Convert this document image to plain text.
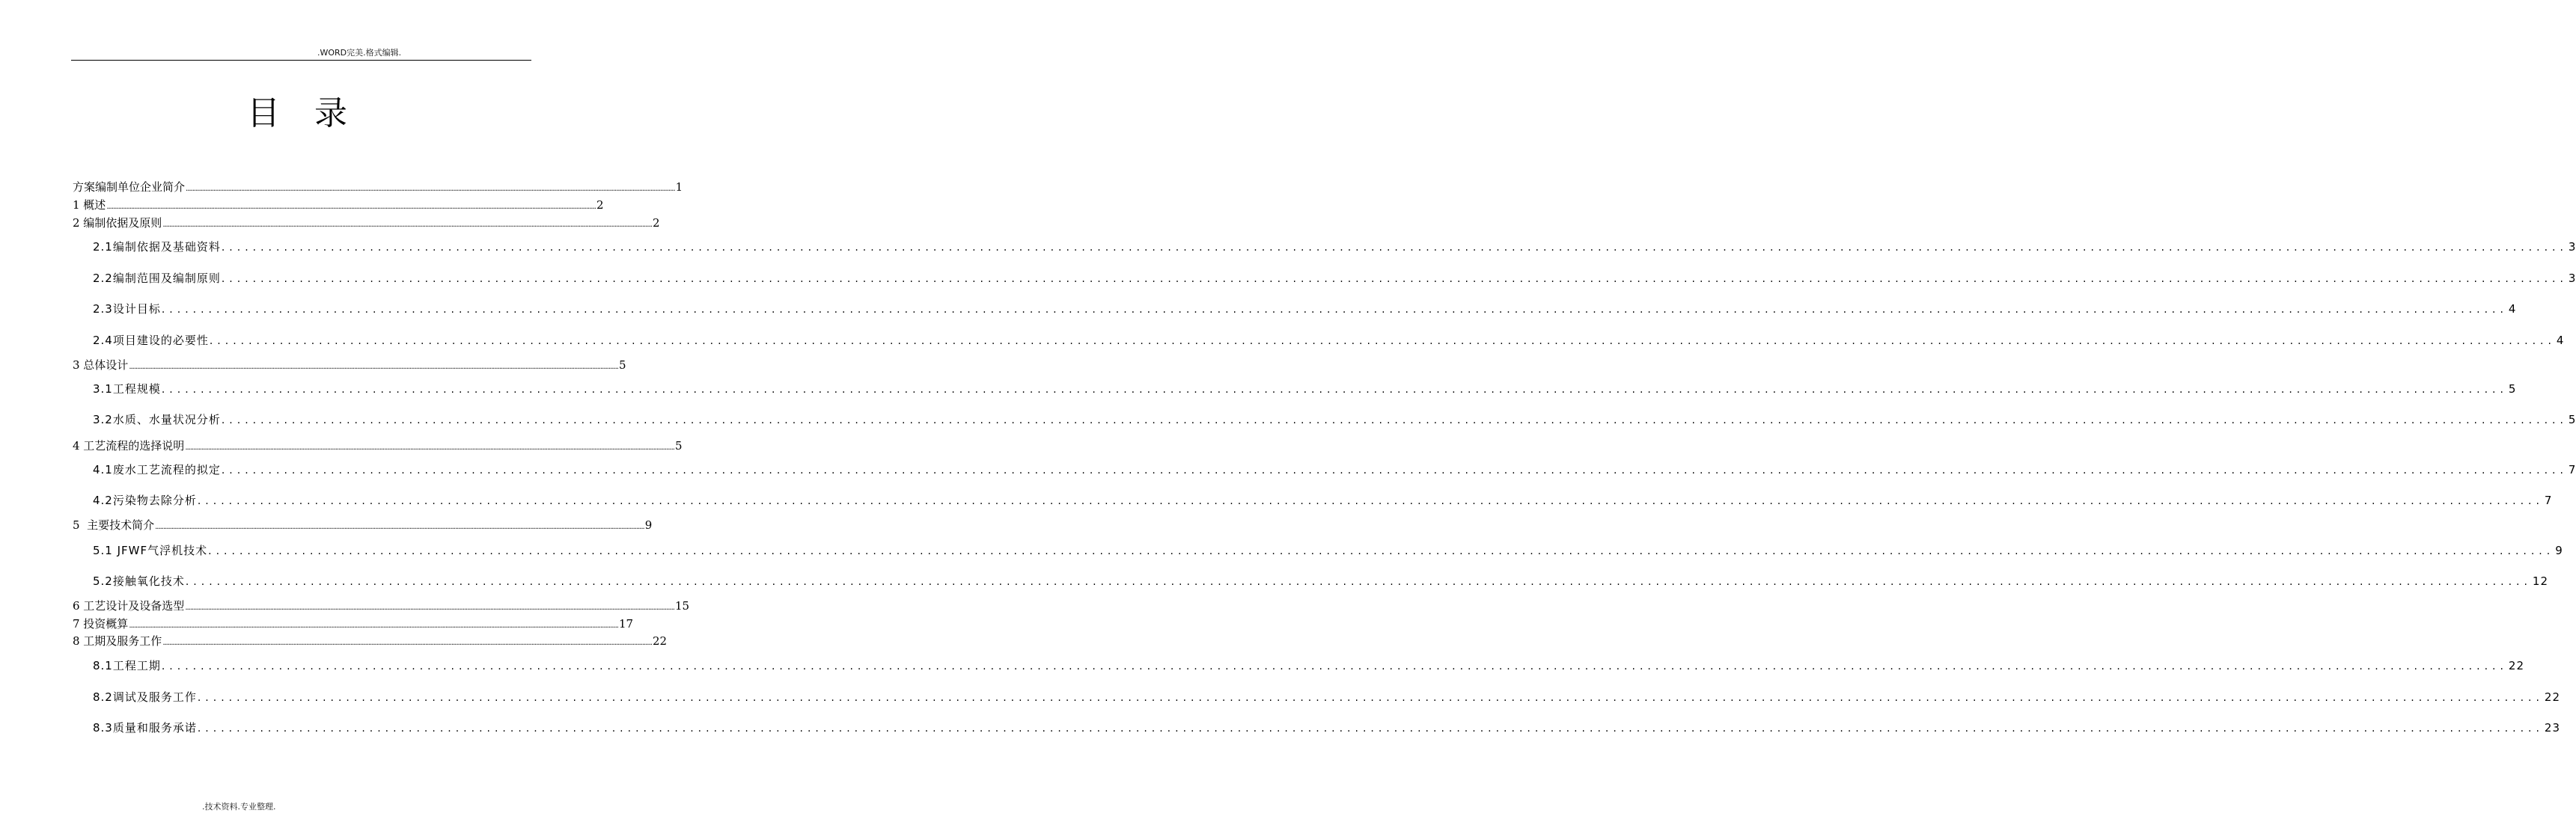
.WORD完美.格式编辑.
目录
方案编制单位企业简介 ............................................................................................................................................................................................................................................................................................................ 1
1 概述 ............................................................................................................................................................................................................................................................................................................ 2
2 编制依据及原则 ............................................................................................................................................................................................................................................................................................................ 2
2.1编制依据及基础资料 ............................................................................................................................................................................................................................................................................................................ 3
2.2编制范围及编制原则 ............................................................................................................................................................................................................................................................................................................ 3
2.3设计目标 ............................................................................................................................................................................................................................................................................................................ 4
2.4项目建设的必要性 ............................................................................................................................................................................................................................................................................................................ 4
3 总体设计 ............................................................................................................................................................................................................................................................................................................ 5
3.1工程规模 ............................................................................................................................................................................................................................................................................................................ 5
3.2水质、水量状况分析 ............................................................................................................................................................................................................................................................................................................ 5
4 工艺流程的选择说明 ............................................................................................................................................................................................................................................................................................................ 5
4.1废水工艺流程的拟定 ............................................................................................................................................................................................................................................................................................................ 7
4.2污染物去除分析 ............................................................................................................................................................................................................................................................................................................ 7
5  主要技术简介 ............................................................................................................................................................................................................................................................................................................ 9
5.1 JFWF气浮机技术 ............................................................................................................................................................................................................................................................................................................ 9
5.2接触氧化技术 ............................................................................................................................................................................................................................................................................................................ 12
6 工艺设计及设备选型 ............................................................................................................................................................................................................................................................................................................ 15
7 投资概算 ............................................................................................................................................................................................................................................................................................................ 17
8 工期及服务工作 ............................................................................................................................................................................................................................................................................................................ 22
8.1工程工期 ............................................................................................................................................................................................................................................................................................................ 22
8.2调试及服务工作 ............................................................................................................................................................................................................................................................................................................ 22
8.3质量和服务承诺 ............................................................................................................................................................................................................................................................................................................ 23
.技术资料.专业整理.
